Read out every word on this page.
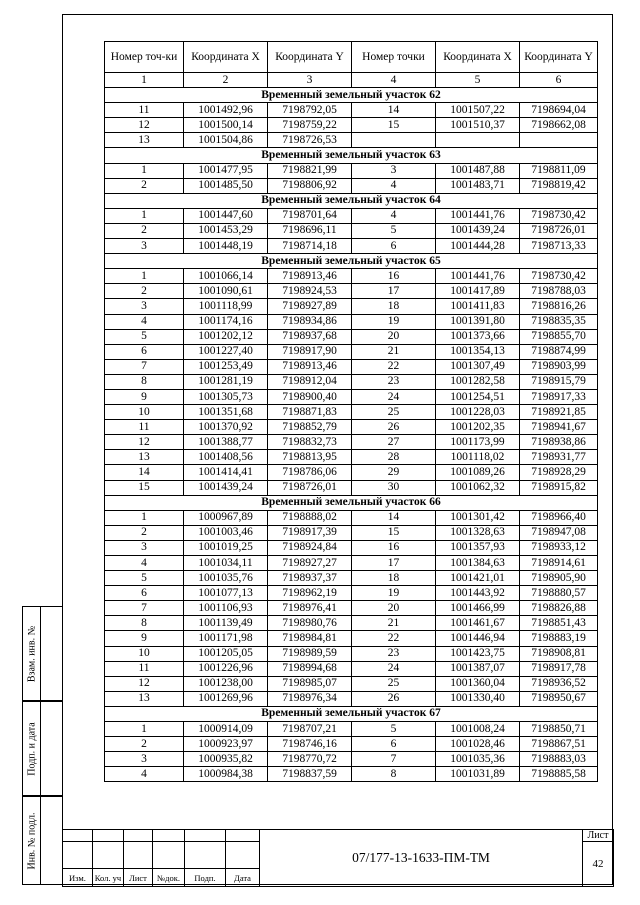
Взам. инв. №
Подп. и дата
Инв. № подл.
Номер точ-ки	Координата X	Координата Y	Номер точки	Координата X	Координата Y
1	2	3	4	5	6
Временный земельный участок 62					
11	1001492,96	7198792,05	14	1001507,22	7198694,04
12	1001500,14	7198759,22	15	1001510,37	7198662,08
13	1001504,86	7198726,53			
Временный земельный участок 63					
1	1001477,95	7198821,99	3	1001487,88	7198811,09
2	1001485,50	7198806,92	4	1001483,71	7198819,42
Временный земельный участок 64					
1	1001447,60	7198701,64	4	1001441,76	7198730,42
2	1001453,29	7198696,11	5	1001439,24	7198726,01
3	1001448,19	7198714,18	6	1001444,28	7198713,33
Временный земельный участок 65					
1	1001066,14	7198913,46	16	1001441,76	7198730,42
2	1001090,61	7198924,53	17	1001417,89	7198788,03
3	1001118,99	7198927,89	18	1001411,83	7198816,26
4	1001174,16	7198934,86	19	1001391,80	7198835,35
5	1001202,12	7198937,68	20	1001373,66	7198855,70
6	1001227,40	7198917,90	21	1001354,13	7198874,99
7	1001253,49	7198913,46	22	1001307,49	7198903,99
8	1001281,19	7198912,04	23	1001282,58	7198915,79
9	1001305,73	7198900,40	24	1001254,51	7198917,33
10	1001351,68	7198871,83	25	1001228,03	7198921,85
11	1001370,92	7198852,79	26	1001202,35	7198941,67
12	1001388,77	7198832,73	27	1001173,99	7198938,86
13	1001408,56	7198813,95	28	1001118,02	7198931,77
14	1001414,41	7198786,06	29	1001089,26	7198928,29
15	1001439,24	7198726,01	30	1001062,32	7198915,82
Временный земельный участок 66					
1	1000967,89	7198888,02	14	1001301,42	7198966,40
2	1001003,46	7198917,39	15	1001328,63	7198947,08
3	1001019,25	7198924,84	16	1001357,93	7198933,12
4	1001034,11	7198927,27	17	1001384,63	7198914,61
5	1001035,76	7198937,37	18	1001421,01	7198905,90
6	1001077,13	7198962,19	19	1001443,92	7198880,57
7	1001106,93	7198976,41	20	1001466,99	7198826,88
8	1001139,49	7198980,76	21	1001461,67	7198851,43
9	1001171,98	7198984,81	22	1001446,94	7198883,19
10	1001205,05	7198989,59	23	1001423,75	7198908,81
11	1001226,96	7198994,68	24	1001387,07	7198917,78
12	1001238,00	7198985,07	25	1001360,04	7198936,52
13	1001269,96	7198976,34	26	1001330,40	7198950,67
Временный земельный участок 67					
1	1000914,09	7198707,21	5	1001008,24	7198850,71
2	1000923,97	7198746,16	6	1001028,46	7198867,51
3	1000935,82	7198770,72	7	1001035,36	7198883,03
4	1000984,38	7198837,59	8	1001031,89	7198885,58
						07/177-13-1633-ПМ-ТМ	Лист
							42
Изм.	Кол. уч	Лист	№док.	Подп.	Дата		
